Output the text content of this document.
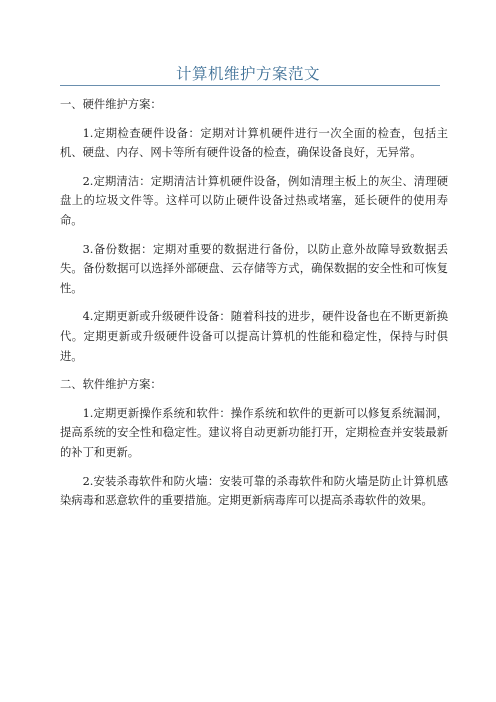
计算机维护方案范文

一、硬件维护方案：

1.定期检查硬件设备：定期对计算机硬件进行一次全面的检查，包括主机、硬盘、内存、网卡等所有硬件设备的检查，确保设备良好，无异常。

2.定期清洁：定期清洁计算机硬件设备，例如清理主板上的灰尘、清理硬盘上的垃圾文件等。这样可以防止硬件设备过热或堵塞，延长硬件的使用寿命。

3.备份数据：定期对重要的数据进行备份，以防止意外故障导致数据丢失。备份数据可以选择外部硬盘、云存储等方式，确保数据的安全性和可恢复性。

4.定期更新或升级硬件设备：随着科技的进步，硬件设备也在不断更新换代。定期更新或升级硬件设备可以提高计算机的性能和稳定性，保持与时俱进。

二、软件维护方案：

1.定期更新操作系统和软件：操作系统和软件的更新可以修复系统漏洞，提高系统的安全性和稳定性。建议将自动更新功能打开，定期检查并安装最新的补丁和更新。

2.安装杀毒软件和防火墙：安装可靠的杀毒软件和防火墙是防止计算机感染病毒和恶意软件的重要措施。定期更新病毒库可以提高杀毒软件的效果。
